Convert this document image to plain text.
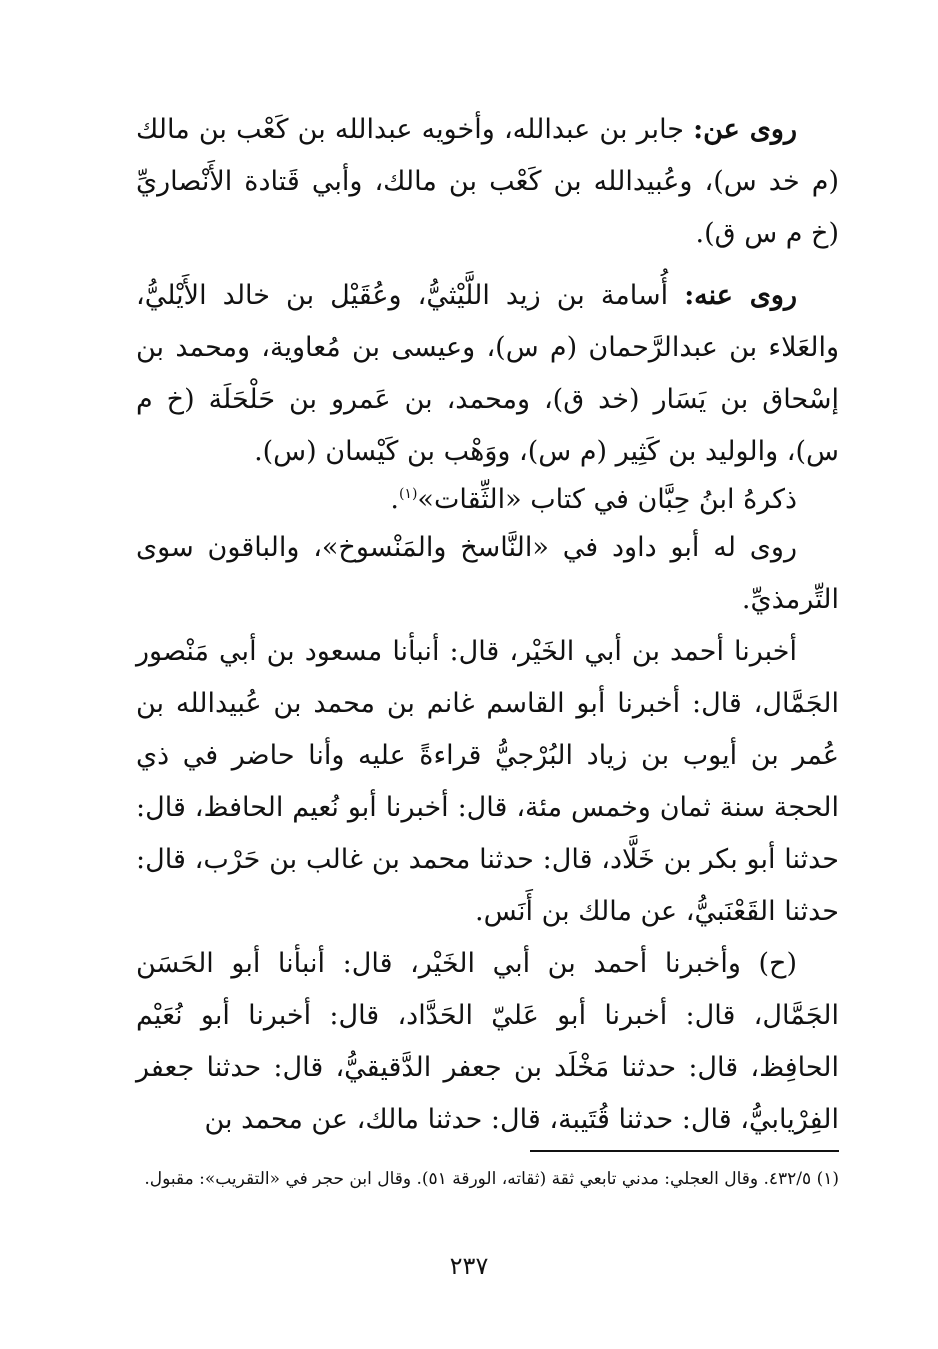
روى عن: جابر بن عبدالله، وأخويه عبدالله بن كَعْب بن مالك (م خد س)، وعُبيدالله بن كَعْب بن مالك، وأبي قَتادة الأَنْصاريِّ (خ م س ق).

روى عنه: أُسامة بن زيد اللَّيْثيُّ، وعُقَيْل بن خالد الأَيْليُّ، والعَلاء بن عبدالرَّحمان (م س)، وعيسى بن مُعاوية، ومحمد بن إسْحاق بن يَسَار (خد ق)، ومحمد، بن عَمرو بن حَلْحَلَة (خ م س)، والوليد بن كَثِير (م س)، ووَهْب بن كَيْسان (س).

ذكرهُ ابنُ حِبَّان في كتاب «الثِّقات»$^{(١)}$.

روى له أبو داود في «النَّاسخ والمَنْسوخ»، والباقون سوى التِّرمذيِّ.

أخبرنا أحمد بن أبي الخَيْر، قال: أنبأنا مسعود بن أبي مَنْصور الجَمَّال، قال: أخبرنا أبو القاسم غانم بن محمد بن عُبيدالله بن عُمر بن أيوب بن زياد البُرْجيُّ قراءةً عليه وأنا حاضر في ذي الحجة سنة ثمان وخمس مئة، قال: أخبرنا أبو نُعيم الحافظ، قال: حدثنا أبو بكر بن خَلَّاد، قال: حدثنا محمد بن غالب بن حَرْب، قال: حدثنا القَعْنَبيُّ، عن مالك بن أَنَس.

(ح) وأخبرنا أحمد بن أبي الخَيْر، قال: أنبأنا أبو الحَسَن الجَمَّال، قال: أخبرنا أبو عَليّ الحَدَّاد، قال: أخبرنا أبو نُعَيْم الحافِظ، قال: حدثنا مَخْلَد بن جعفر الدَّقيقيُّ، قال: حدثنا جعفر الفِرْيابيُّ، قال: حدثنا قُتَيبة، قال: حدثنا مالك، عن محمد بن

(١) ٤٣٢/٥. وقال العجلي: مدني تابعي ثقة (ثقاته، الورقة ٥١). وقال ابن حجر في «التقريب»: مقبول.
٢٣٧
